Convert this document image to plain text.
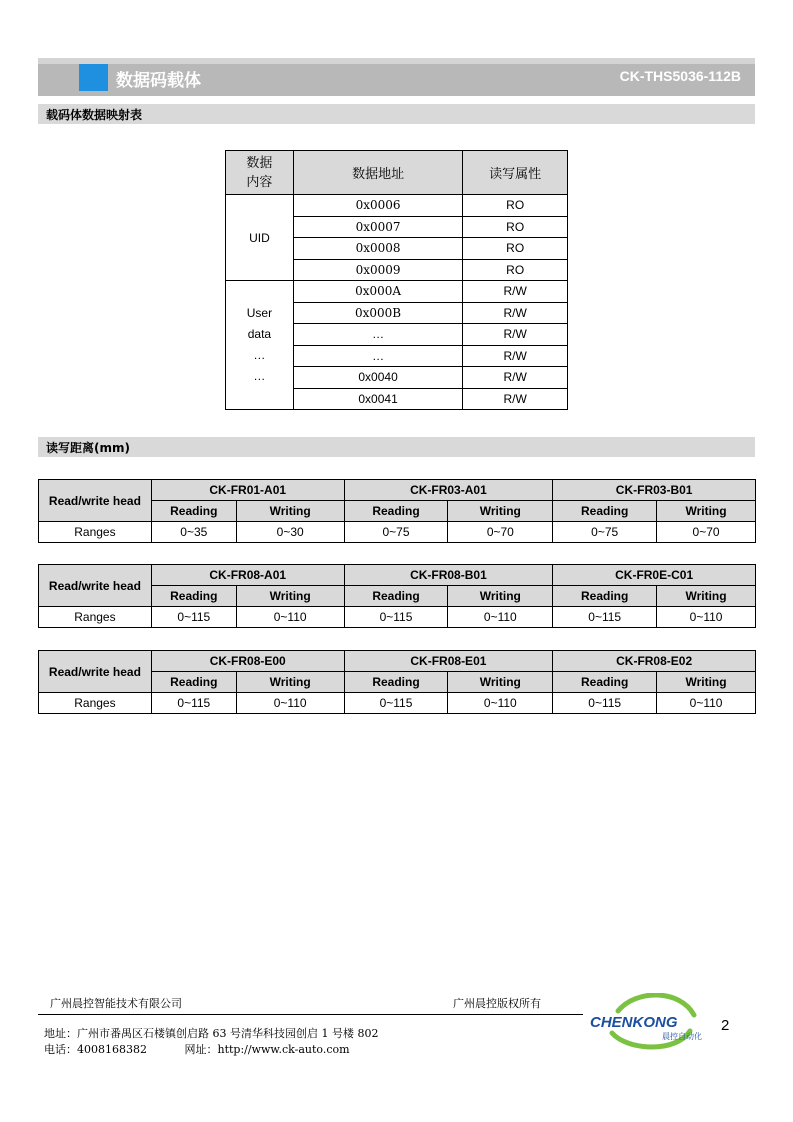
数据码载体	CK-THS5036-112B
载码体数据映射表
数据
内容	数据地址	读写属性
UID	0x0006	RO
	0x0007	RO
	0x0008	RO
	0x0009	RO

User
data
…
…	0x000A	R/W
	0x000B	R/W
	…	R/W
	…	R/W
	0x0040	R/W
	0x0041	R/W
读写距离(mm)
Read/write head	CK-FR01-A01		CK-FR03-A01		CK-FR03-B01	
	Reading	Writing	Reading	Writing	Reading	Writing
Ranges	0~35	0~30	0~75	0~70	0~75	0~70
Read/write head	CK-FR08-A01		CK-FR08-B01		CK-FR0E-C01	
	Reading	Writing	Reading	Writing	Reading	Writing
Ranges	0~115	0~110	0~115	0~110	0~115	0~110
Read/write head	CK-FR08-E00		CK-FR08-E01		CK-FR08-E02	
	Reading	Writing	Reading	Writing	Reading	Writing
Ranges	0~115	0~110	0~115	0~110	0~115	0~110
广州晨控智能技术有限公司	广州晨控版权所有
地址：广州市番禺区石楼镇创启路 63 号清华科技园创启 1 号楼 802
电话：4008168382	网址：http://www.ck-auto.com
CHENKONG
晨控自动化
2
